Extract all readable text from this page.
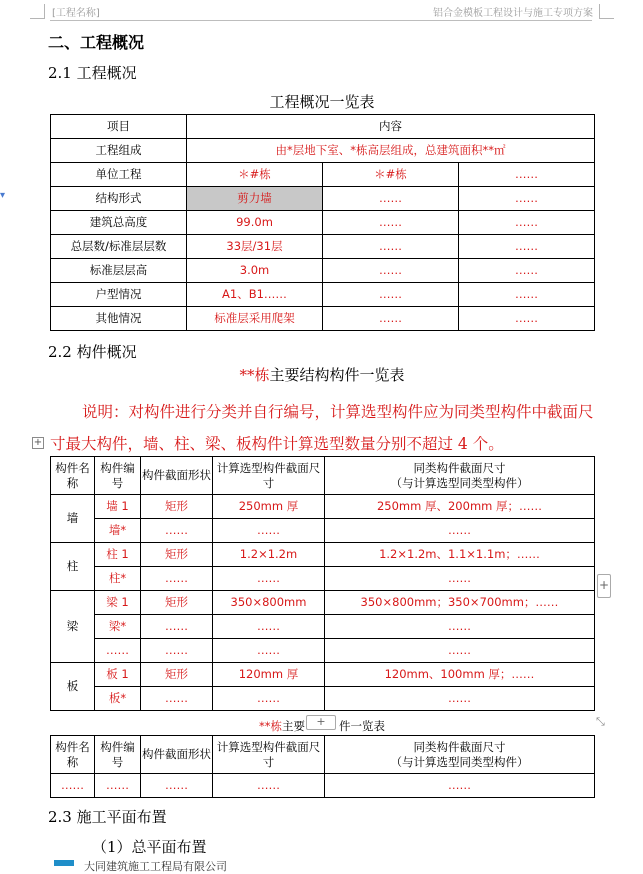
[工程名称]	铝合金模板工程设计与施工专项方案
▾
二、工程概况
2.1 工程概况
工程概况一览表
项目	内容		
工程组成	由*层地下室、*栋高层组成，总建筑面积**㎡		
单位工程	＊#栋	＊#栋	……
结构形式	剪力墙	……	……
建筑总高度	99.0m	……	……
总层数/标准层层数	33层/31层	……	……
标准层层高	3.0m	……	……
户型情况	A1、B1……	……	……
其他情况	标准层采用爬架	……	……
2.2 构件概况
**栋主要结构构件一览表
说明：对构件进行分类并自行编号，计算选型构件应为同类型构件中截面尺寸最大构件，墙、柱、梁、板构件计算选型数量分别不超过 4 个。
+
构件名称	构件编号	构件截面形状	计算选型构件截面尺寸	同类构件截面尺寸
（与计算选型同类型构件）

墙	墙 1	矩形	250mm 厚	250mm 厚、200mm 厚；……
	墙*	……	……	……
柱	柱 1	矩形	1.2×1.2m	1.2×1.2m、1.1×1.1m；……
	柱*	……	……	……
梁	梁 1	矩形	350×800mm	350×800mm；350×700mm；……
	梁*	……	……	……
	……	……	……	……
板	板 1	矩形	120mm 厚	120mm、100mm 厚；……
	板*	……	……	……
+
**栋主要	件一览表
+	⤡
构件名称	构件编号	构件截面形状	计算选型构件截面尺寸	同类构件截面尺寸
（与计算选型同类型构件）

……	……	……	……	……
2.3 施工平面布置
（1）总平面布置
大同建筑施工工程局有限公司
